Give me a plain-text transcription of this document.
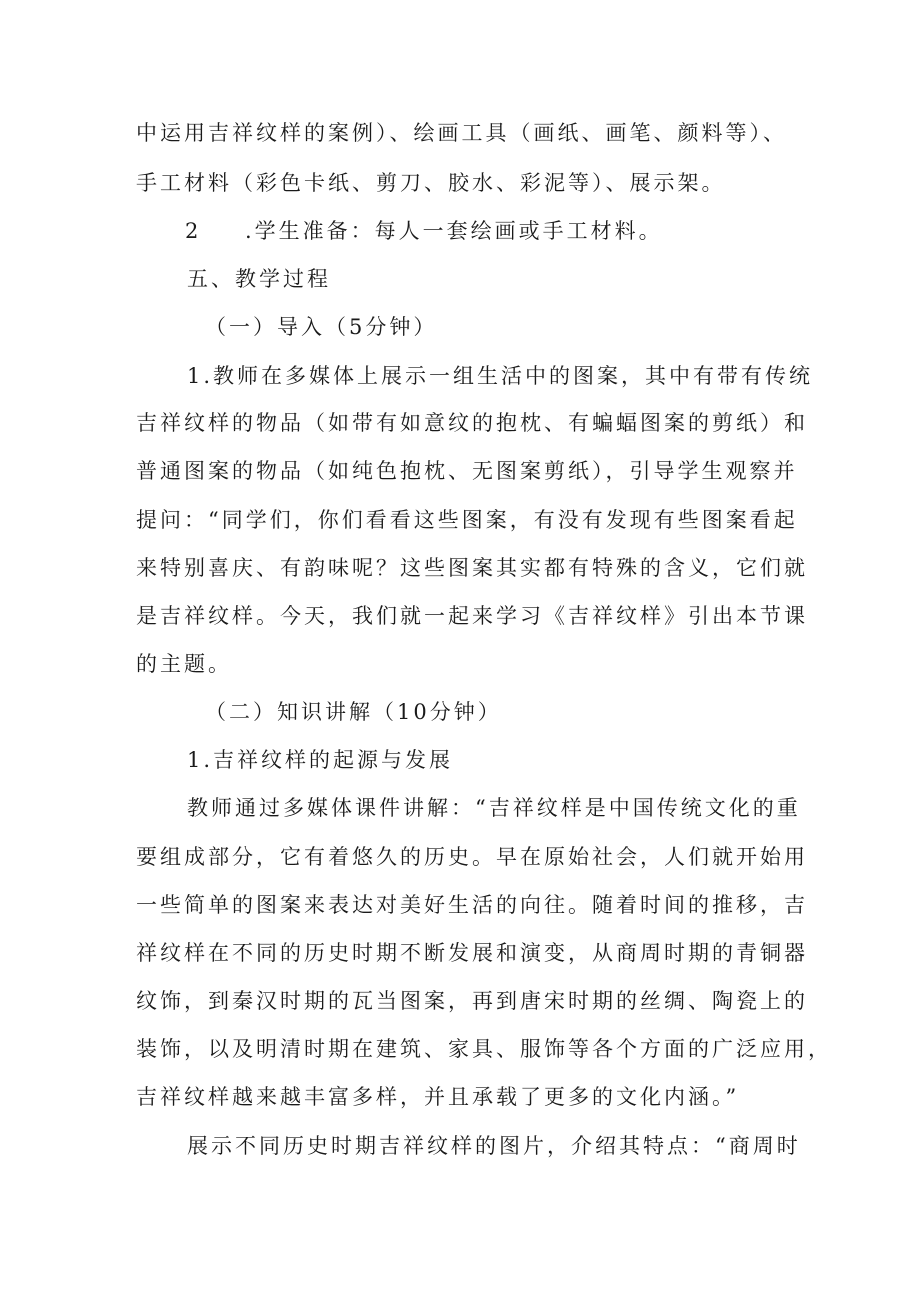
中运用吉祥纹样的案例）、绘画工具（画纸、画笔、颜料等）、
手工材料（彩色卡纸、剪刀、胶水、彩泥等）、展示架。
2 .学生准备：每人一套绘画或手工材料。
五、教学过程
（一）导入（5分钟）
1.教师在多媒体上展示一组生活中的图案，其中有带有传统
吉祥纹样的物品（如带有如意纹的抱枕、有蝙蝠图案的剪纸）和
普通图案的物品（如纯色抱枕、无图案剪纸），引导学生观察并
提问：“同学们，你们看看这些图案，有没有发现有些图案看起
来特别喜庆、有韵味呢？这些图案其实都有特殊的含义，它们就
是吉祥纹样。今天，我们就一起来学习《吉祥纹样》引出本节课
的主题。
（二）知识讲解（10分钟）
1.吉祥纹样的起源与发展
教师通过多媒体课件讲解：“吉祥纹样是中国传统文化的重
要组成部分，它有着悠久的历史。早在原始社会，人们就开始用
一些简单的图案来表达对美好生活的向往。随着时间的推移，吉
祥纹样在不同的历史时期不断发展和演变，从商周时期的青铜器
纹饰，到秦汉时期的瓦当图案，再到唐宋时期的丝绸、陶瓷上的
装饰，以及明清时期在建筑、家具、服饰等各个方面的广泛应用，
吉祥纹样越来越丰富多样，并且承载了更多的文化内涵。”
展示不同历史时期吉祥纹样的图片，介绍其特点：“商周时
